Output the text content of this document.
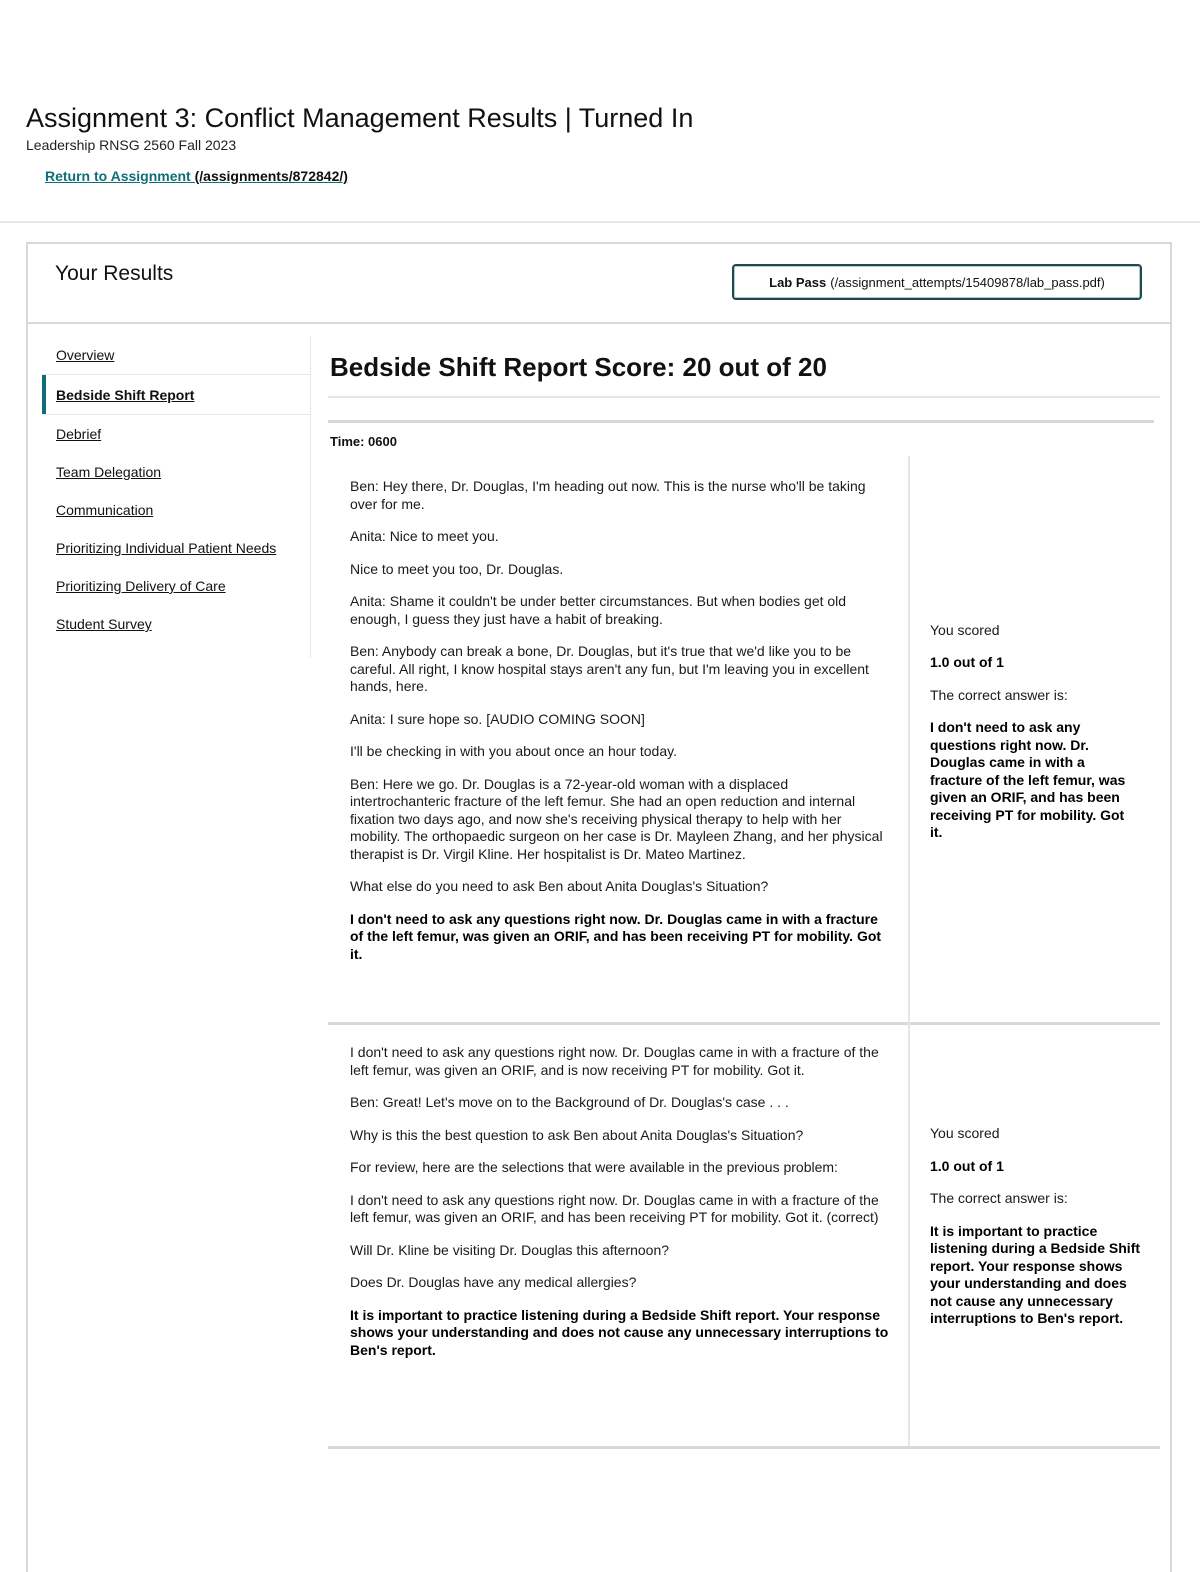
Assignment 3: Conflict Management Results | Turned In
Leadership RNSG 2560 Fall 2023
Return to Assignment (/assignments/872842/)
Your Results	Lab Pass (/assignment_attempts/15409878/lab_pass.pdf)
Overview
Bedside Shift Report
Debrief
Team Delegation
Communication
Prioritizing Individual Patient Needs
Prioritizing Delivery of Care
Student Survey
Bedside Shift Report Score: 20 out of 20
Time: 0600

Ben: Hey there, Dr. Douglas, I'm heading out now. This is the nurse who'll be taking over for me.

Anita: Nice to meet you.

Nice to meet you too, Dr. Douglas.

Anita: Shame it couldn't be under better circumstances. But when bodies get old enough, I guess they just have a habit of breaking.

Ben: Anybody can break a bone, Dr. Douglas, but it's true that we'd like you to be careful. All right, I know hospital stays aren't any fun, but I'm leaving you in excellent hands, here.

Anita: I sure hope so. [AUDIO COMING SOON]

I'll be checking in with you about once an hour today.

Ben: Here we go. Dr. Douglas is a 72-year-old woman with a displaced intertrochanteric fracture of the left femur. She had an open reduction and internal fixation two days ago, and now she's receiving physical therapy to help with her mobility. The orthopaedic surgeon on her case is Dr. Mayleen Zhang, and her physical therapist is Dr. Virgil Kline. Her hospitalist is Dr. Mateo Martinez.

What else do you need to ask Ben about Anita Douglas's Situation?

I don't need to ask any questions right now. Dr. Douglas came in with a fracture of the left femur, was given an ORIF, and has been receiving PT for mobility. Got it.

You scored

1.0 out of 1

The correct answer is:

I don't need to ask any questions right now. Dr. Douglas came in with a fracture of the left femur, was given an ORIF, and has been receiving PT for mobility. Got it.

I don't need to ask any questions right now. Dr. Douglas came in with a fracture of the left femur, was given an ORIF, and is now receiving PT for mobility. Got it.

Ben: Great! Let's move on to the Background of Dr. Douglas's case . . .

Why is this the best question to ask Ben about Anita Douglas's Situation?

For review, here are the selections that were available in the previous problem:

I don't need to ask any questions right now. Dr. Douglas came in with a fracture of the left femur, was given an ORIF, and has been receiving PT for mobility. Got it. (correct)

Will Dr. Kline be visiting Dr. Douglas this afternoon?

Does Dr. Douglas have any medical allergies?

It is important to practice listening during a Bedside Shift report. Your response shows your understanding and does not cause any unnecessary interruptions to Ben's report.

You scored

1.0 out of 1

The correct answer is:

It is important to practice listening during a Bedside Shift report. Your response shows your understanding and does not cause any unnecessary interruptions to Ben's report.
